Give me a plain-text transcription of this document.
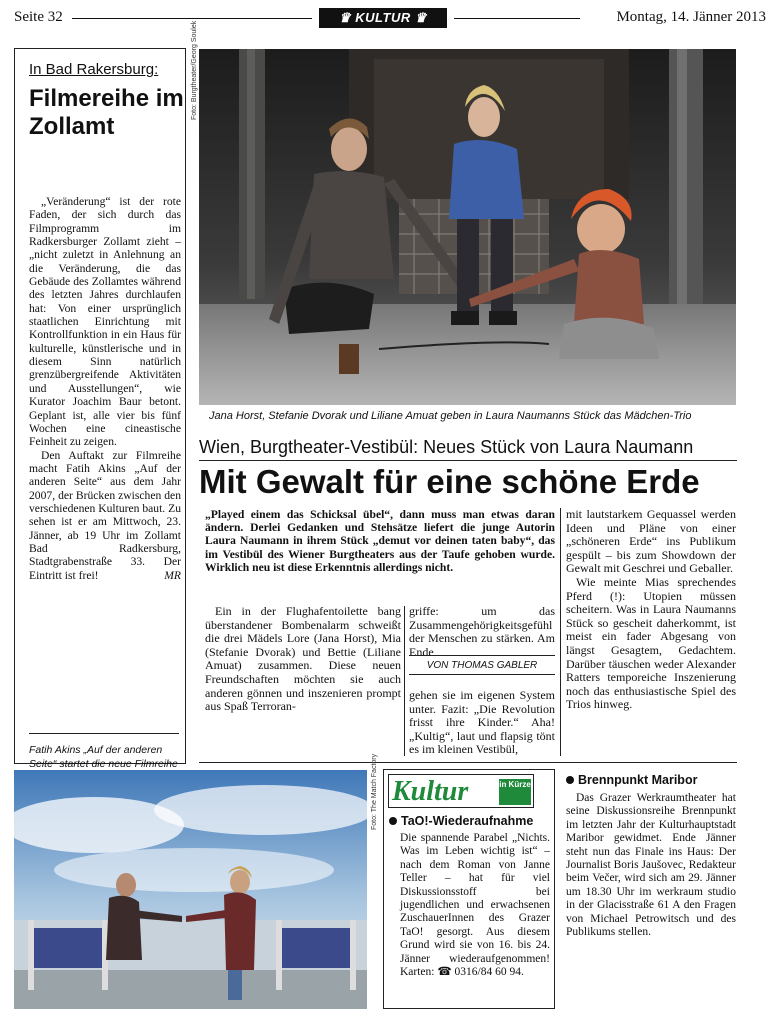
Seite 32	♛ KULTUR ♛	Montag, 14. Jänner 2013
In Bad Rakersburg:
Filmereihe im Zollamt

„Veränderung“ ist der rote Faden, der sich durch das Filmprogramm im Radkersburger Zollamt zieht – „nicht zuletzt in Anlehnung an die Veränderung, die das Gebäude des Zollamtes während des letzten Jahres durchlaufen hat: Von einer ursprünglich staatlichen Einrichtung mit Kontrollfunktion in ein Haus für kulturelle, künstlerische und in diesem Sinn natürlich grenzübergreifende Aktivitäten und Ausstellungen“, wie Kurator Joachim Baur betont. Geplant ist, alle vier bis fünf Wochen eine cineastische Feinheit zu zeigen.

Den Auftakt zur Filmreihe macht Fatih Akins „Auf der anderen Seite“ aus dem Jahr 2007, der Brücken zwischen den verschiedenen Kulturen baut. Zu sehen ist er am Mittwoch, 23. Jänner, ab 19 Uhr im Zollamt Bad Radkersburg, Stadtgrabenstraße 33. Der Eintritt ist frei!	MR

Fatih Akins „Auf der anderen Seite“ startet die neue Filmreihe
Foto: Burgtheater/Georg Soulek
Jana Horst, Stefanie Dvorak und Liliane Amuat geben in Laura Naumanns Stück das Mädchen-Trio
Wien, Burgtheater-Vestibül: Neues Stück von Laura Naumann
Mit Gewalt für eine schöne Erde
„Played einem das Schicksal übel“, dann muss man etwas daran ändern. Derlei Gedanken und Stehsätze liefert die junge Autorin Laura Naumann in ihrem Stück „demut vor deinen taten baby“, das im Vestibül des Wiener Burgtheaters aus der Taufe gehoben wurde. Wirklich neu ist diese Erkenntnis allerdings nicht.

Ein in der Flughafentoilette bang überstandener Bombenalarm schweißt die drei Mädels Lore (Jana Horst), Mia (Stefanie Dvorak) und Bettie (Liliane Amuat) zusammen. Diese neuen Freundschaften möchten sie auch anderen gönnen und inszenieren prompt aus Spaß Terroran-

griffe: um das Zusammengehörigkeitsgefühl der Menschen zu stärken. Am Ende

VON THOMAS GABLER

gehen sie im eigenen System unter. Fazit: „Die Revolution frisst ihre Kinder.“ Aha! „Kultig“, laut und flapsig tönt es im kleinen Vestibül,

mit lautstarkem Gequassel werden Ideen und Pläne von einer „schöneren Erde“ ins Publikum gespült – bis zum Showdown der Gewalt mit Geschrei und Geballer.

Wie meinte Mias sprechendes Pferd (!): Utopien müssen scheitern. Was in Laura Naumanns Stück so gescheit daherkommt, ist meist ein fader Abgesang von längst Gesagtem, Gedachtem. Darüber täuschen weder Alexander Ratters temporeiche Inszenierung noch das enthusiastische Spiel des Trios hinweg.

Foto: The Match Factory Kultur	in Kürze
TaO!-Wiederaufnahme

Die spannende Parabel „Nichts. Was im Leben wichtig ist“ – nach dem Roman von Janne Teller – hat für viel Diskussionsstoff bei jugendlichen und erwachsenen ZuschauerInnen des Grazer TaO! gesorgt. Aus diesem Grund wird sie von 16. bis 24. Jänner wiederaufgenommen! Karten: ☎ 0316/84 60 94.

Brennpunkt Maribor

Das Grazer Werkraumtheater hat seine Diskussionsreihe Brennpunkt im letzten Jahr der Kulturhauptstadt Maribor gewidmet. Ende Jänner steht nun das Finale ins Haus: Der Journalist Boris Jaušovec, Redakteur beim Večer, wird sich am 29. Jänner um 18.30 Uhr im werkraum studio in der Glacisstraße 61 A den Fragen von Michael Petrowitsch und des Publikums stellen.
